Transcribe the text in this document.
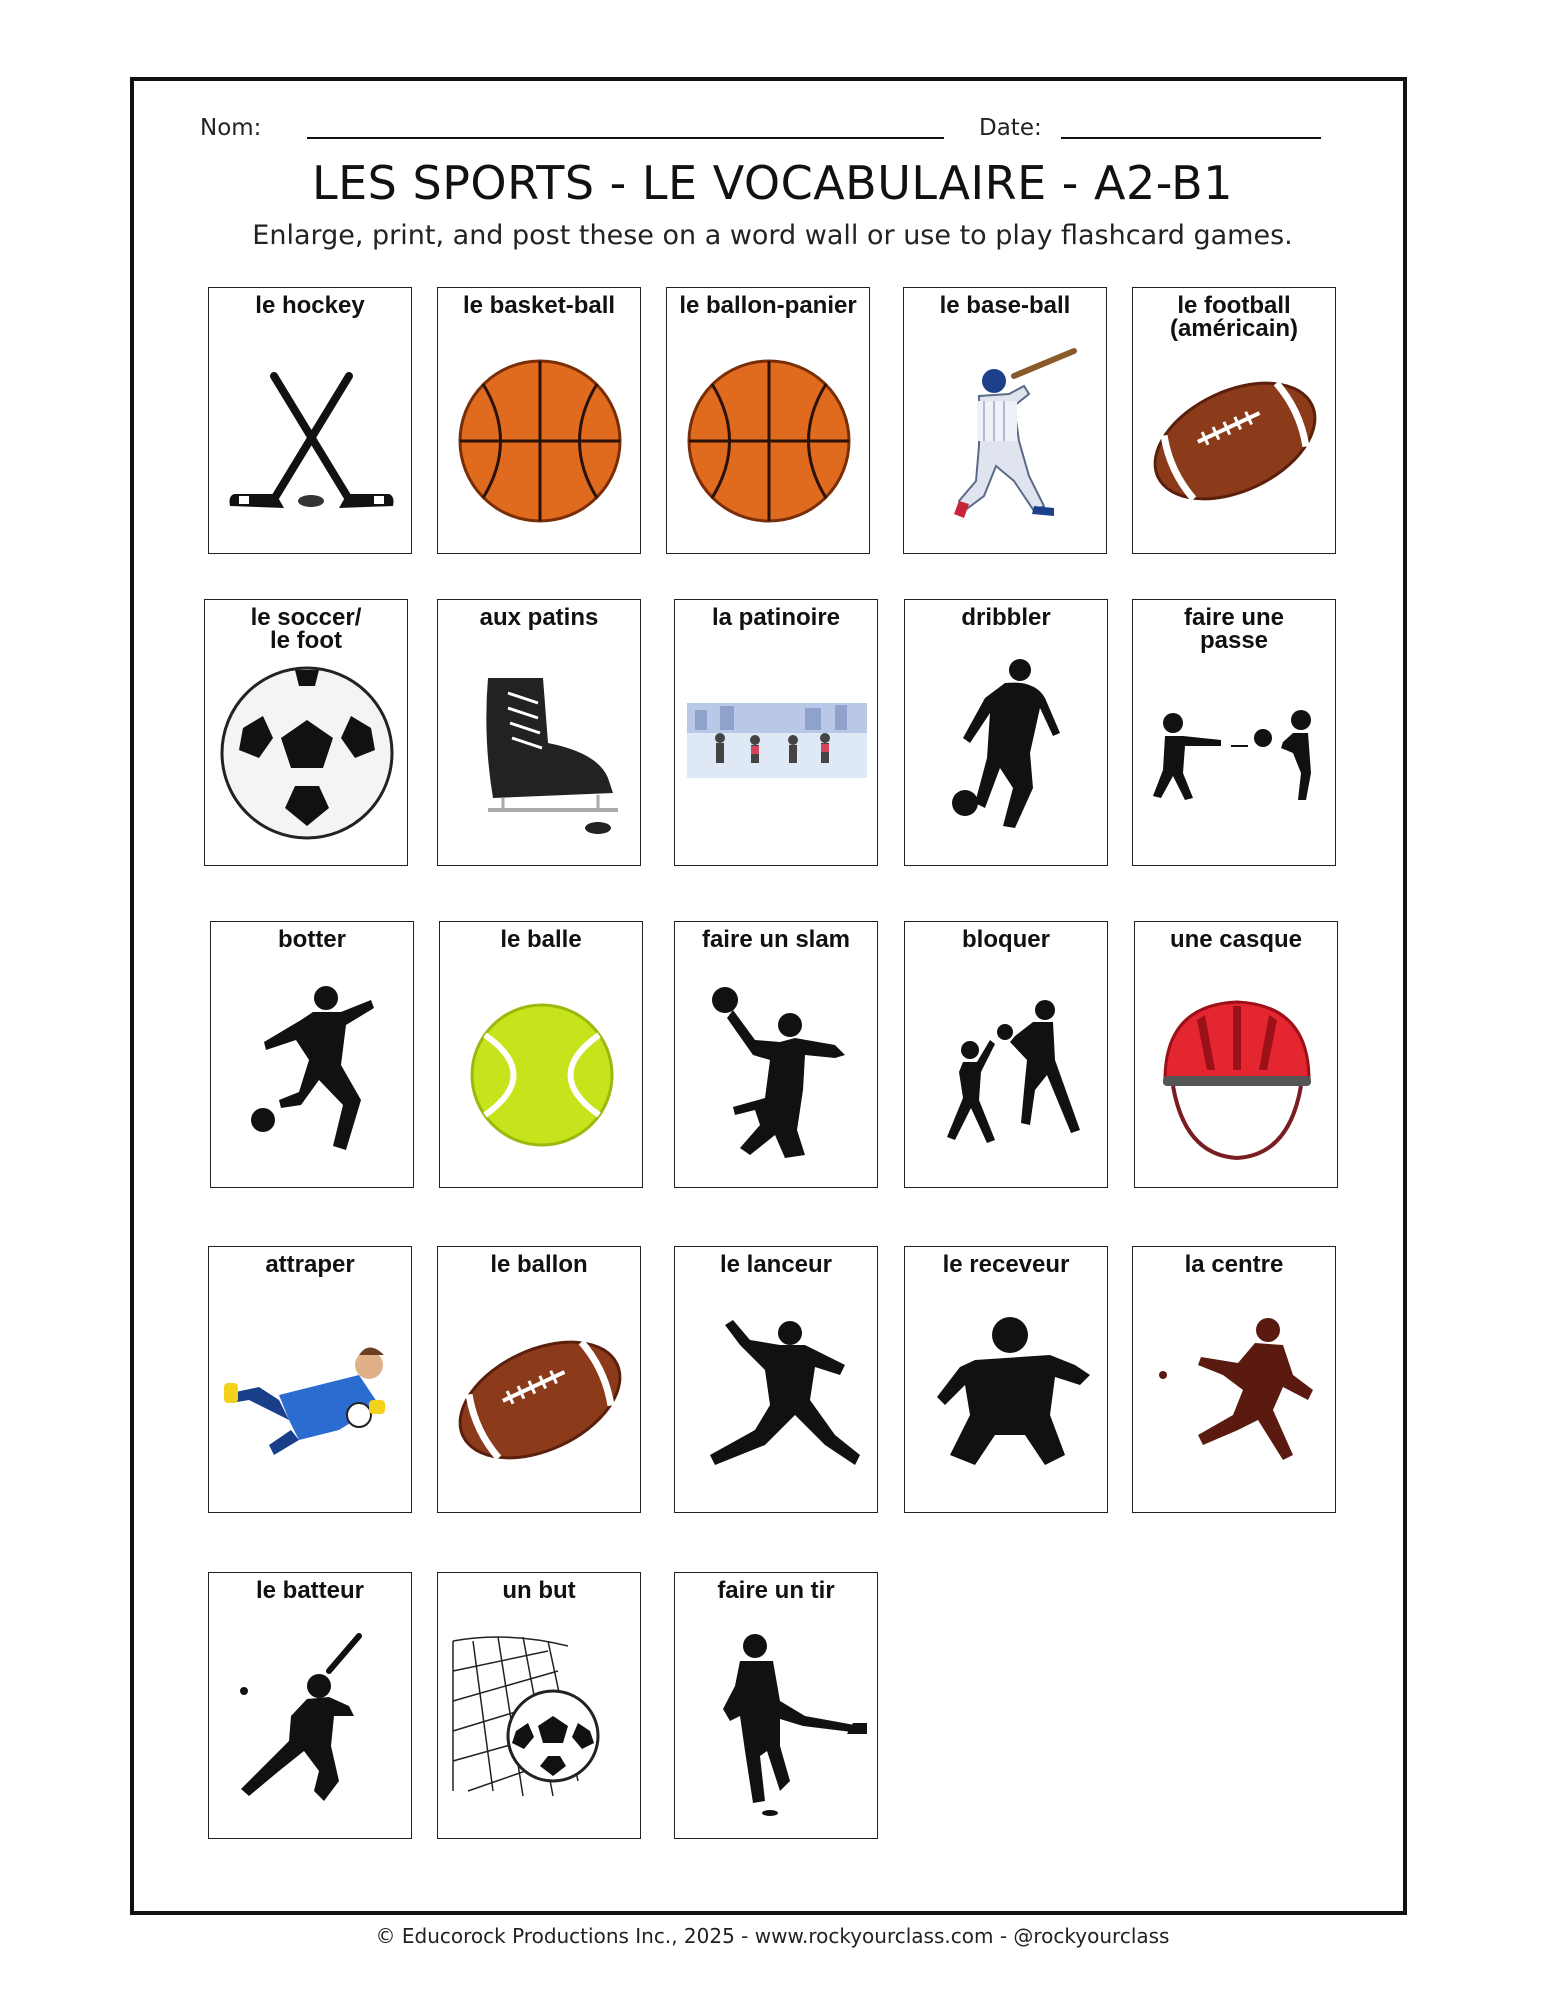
Nom:	Date:
LES SPORTS - LE VOCABULAIRE - A2-B1
Enlarge, print, and post these on a word wall or use to play flashcard games.
le hockey	le basket-ball	le ballon-panier	le base-ball	le football
(américain)
le soccer/
le foot
aux patins	la patinoire	dribbler	faire une
passe
botter	le balle	faire un slam	bloquer	une casque
attraper	le ballon	le lanceur	le receveur	la centre
le batteur	un but	faire un tir
© Educorock Productions Inc., 2025 - www.rockyourclass.com - @rockyourclass
